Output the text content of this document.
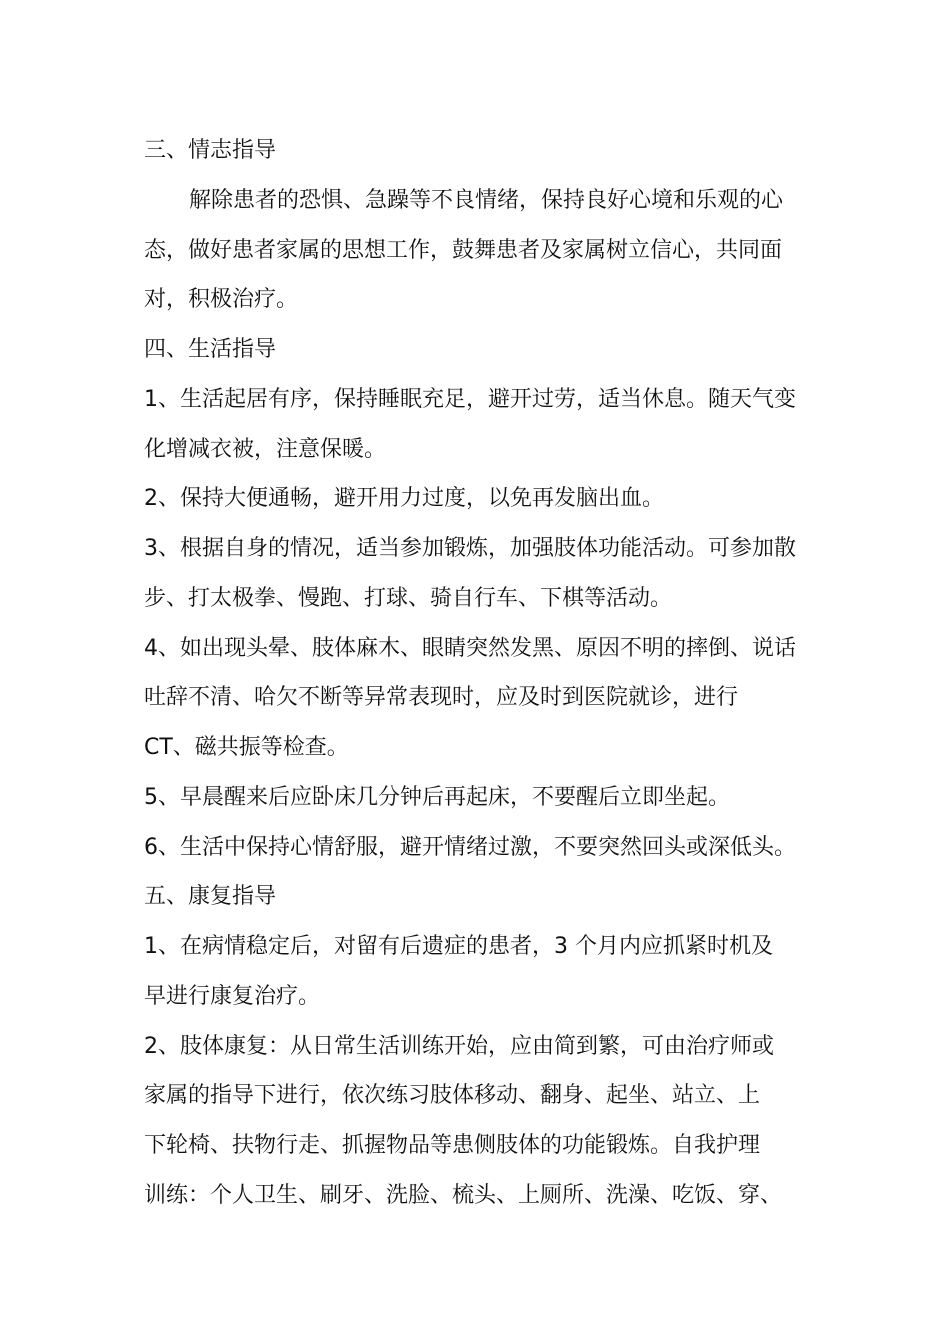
三、情志指导
解除患者的恐惧、急躁等不良情绪，保持良好心境和乐观的心
态，做好患者家属的思想工作，鼓舞患者及家属树立信心，共同面
对，积极治疗。
四、生活指导
1、生活起居有序，保持睡眠充足，避开过劳，适当休息。随天气变
化增减衣被，注意保暖。
2、保持大便通畅，避开用力过度，以免再发脑出血。
3、根据自身的情况，适当参加锻炼，加强肢体功能活动。可参加散
步、打太极拳、慢跑、打球、骑自行车、下棋等活动。
4、如出现头晕、肢体麻木、眼睛突然发黑、原因不明的摔倒、说话
吐辞不清、哈欠不断等异常表现时，应及时到医院就诊，进行
CT、磁共振等检查。
5、早晨醒来后应卧床几分钟后再起床，不要醒后立即坐起。
6、生活中保持心情舒服，避开情绪过激，不要突然回头或深低头。
五、康复指导
1、在病情稳定后，对留有后遗症的患者，3 个月内应抓紧时机及
早进行康复治疗。
2、肢体康复：从日常生活训练开始，应由简到繁，可由治疗师或
家属的指导下进行，依次练习肢体移动、翻身、起坐、站立、上
下轮椅、扶物行走、抓握物品等患侧肢体的功能锻炼。自我护理
训练：个人卫生、刷牙、洗脸、梳头、上厕所、洗澡、吃饭、穿、
